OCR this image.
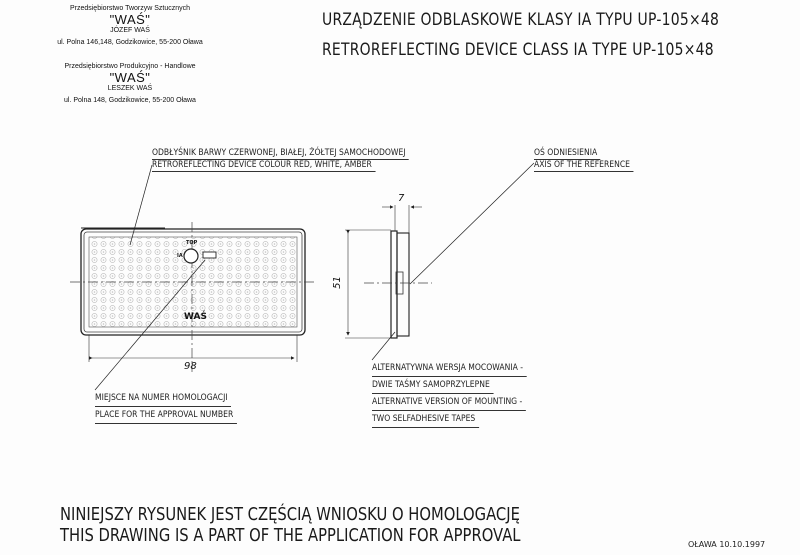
Przedsiębiorstwo Tworzyw Sztucznych
"WAŚ"
JÓZEF WAŚ
ul. Polna 146,148, Godzikowice, 55-200 Oława
Przedsiębiorstwo Produkcyjno - Handlowe
"WAŚ"
LESZEK WAŚ
ul. Polna 148, Godzikowice, 55-200 Oława
URZĄDZENIE ODBLASKOWE KLASY IA TYPU UP-105×48
RETROREFLECTING DEVICE CLASS IA TYPE UP-105×48
98
51
7
TOP
IA
WAŚ
ODBŁYŚNIK BARWY CZERWONEJ, BIAŁEJ, ŻÓŁTEJ SAMOCHODOWEJ
RETROREFLECTING DEVICE COLOUR RED, WHITE, AMBER
OŚ ODNIESIENIA
AXIS OF THE REFERENCE
MIEJSCE NA NUMER HOMOLOGACJI
PLACE FOR THE APPROVAL NUMBER
ALTERNATYWNA WERSJA MOCOWANIA -
DWIE TAŚMY SAMOPRZYLEPNE
ALTERNATIVE VERSION OF MOUNTING -
TWO SELFADHESIVE TAPES
NINIEJSZY RYSUNEK JEST CZĘŚCIĄ WNIOSKU O HOMOLOGACJĘ
THIS DRAWING IS A PART OF THE APPLICATION FOR APPROVAL	OŁAWA 10.10.1997
